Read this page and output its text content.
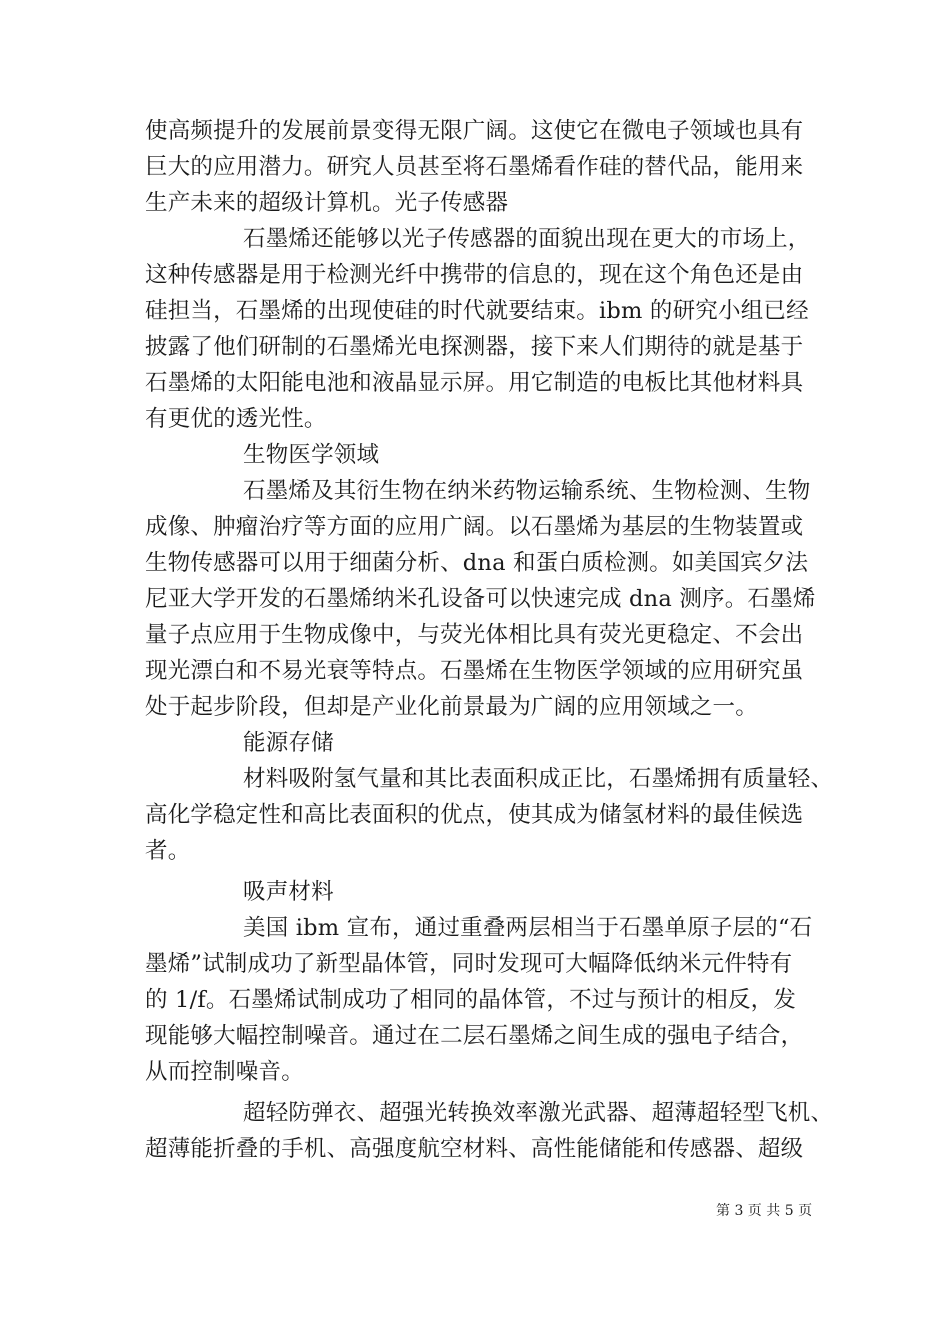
使高频提升的发展前景变得无限广阔。这使它在微电子领域也具有
巨大的应用潜力。研究人员甚至将石墨烯看作硅的替代品，能用来
生产未来的超级计算机。光子传感器
石墨烯还能够以光子传感器的面貌出现在更大的市场上，
这种传感器是用于检测光纤中携带的信息的，现在这个角色还是由
硅担当，石墨烯的出现使硅的时代就要结束。ibm 的研究小组已经
披露了他们研制的石墨烯光电探测器，接下来人们期待的就是基于
石墨烯的太阳能电池和液晶显示屏。用它制造的电板比其他材料具
有更优的透光性。
生物医学领域
石墨烯及其衍生物在纳米药物运输系统、生物检测、生物
成像、肿瘤治疗等方面的应用广阔。以石墨烯为基层的生物装置或
生物传感器可以用于细菌分析、dna 和蛋白质检测。如美国宾夕法
尼亚大学开发的石墨烯纳米孔设备可以快速完成 dna 测序。石墨烯
量子点应用于生物成像中，与荧光体相比具有荧光更稳定、不会出
现光漂白和不易光衰等特点。石墨烯在生物医学领域的应用研究虽
处于起步阶段，但却是产业化前景最为广阔的应用领域之一。
能源存储
材料吸附氢气量和其比表面积成正比，石墨烯拥有质量轻、
高化学稳定性和高比表面积的优点，使其成为储氢材料的最佳候选
者。
吸声材料
美国 ibm 宣布，通过重叠两层相当于石墨单原子层的“石
墨烯”试制成功了新型晶体管，同时发现可大幅降低纳米元件特有
的 1/f。石墨烯试制成功了相同的晶体管，不过与预计的相反，发
现能够大幅控制噪音。通过在二层石墨烯之间生成的强电子结合，
从而控制噪音。
超轻防弹衣、超强光转换效率激光武器、超薄超轻型飞机、
超薄能折叠的手机、高强度航空材料、高性能储能和传感器、超级
第 3 页 共 5 页
